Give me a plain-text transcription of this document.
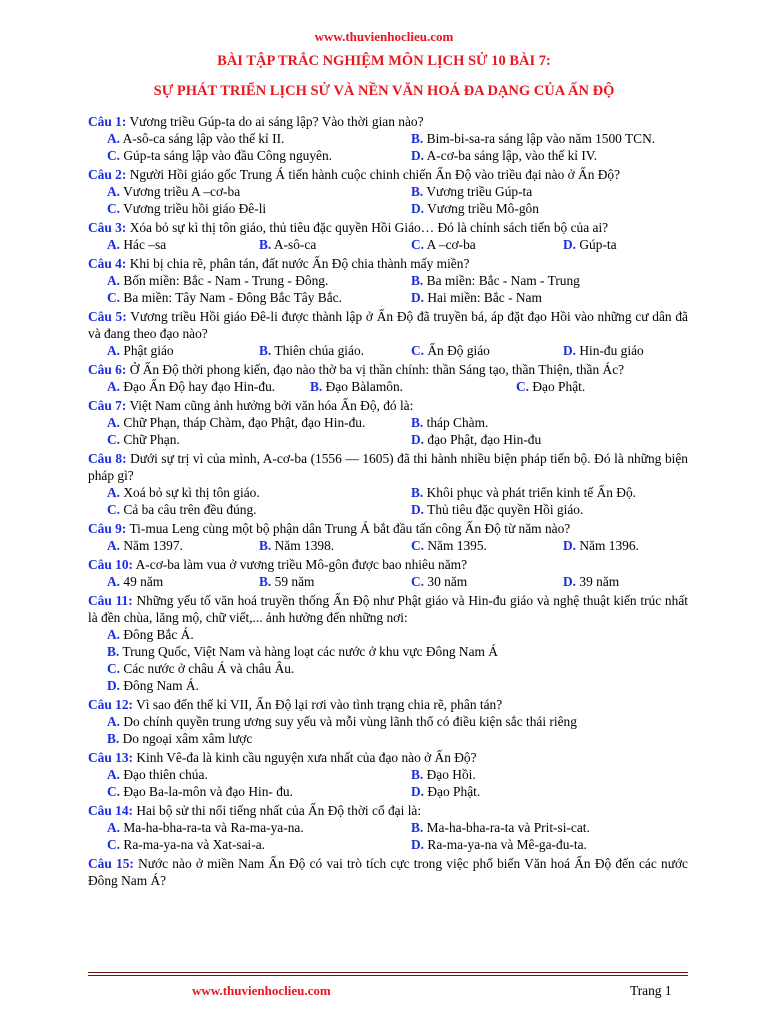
www.thuvienhoclieu.com
BÀI TẬP TRẮC NGHIỆM MÔN LỊCH SỬ 10 BÀI 7:
SỰ PHÁT TRIỂN LỊCH SỬ VÀ NỀN VĂN HOÁ ĐA DẠNG CỦA ẤN ĐỘ
Câu 1: Vương triều Gúp-ta do ai sáng lập? Vào thời gian nào?
A. A-sô-ca sáng lập vào thế kỉ II.	B. Bim-bi-sa-ra sáng lập vào năm 1500 TCN.
C. Gúp-ta sáng lập vào đầu Công nguyên.	D. A-cơ-ba sáng lập, vào thế kỉ IV.
Câu 2: Người Hồi giáo gốc Trung Á tiến hành cuộc chinh chiến Ấn Độ vào triều đại nào ở Ấn Độ?
A. Vương triều A –cơ-ba	B. Vương triều Gúp-ta
C. Vương triều hồi giáo Đê-li	D. Vương triều Mô-gôn
Câu 3: Xóa bỏ sự kì thị tôn giáo, thủ tiêu đặc quyền Hồi Giáo… Đó là chính sách tiến bộ của ai?
A. Hác –sa	B. A-sô-ca	C. A –cơ-ba	D. Gúp-ta
Câu 4: Khi bị chia rẽ, phân tán, đất nước Ấn Độ chia thành mấy miền?
A. Bốn miền: Bắc - Nam - Trung - Đông.	B. Ba miền: Bắc - Nam - Trung
C. Ba miền: Tây Nam - Đông Bắc Tây Bắc.	D. Hai miền: Bắc - Nam
Câu 5: Vương triều Hồi giáo Đê-li được thành lập ở Ấn Độ đã truyền bá, áp đặt đạo Hồi vào những cư dân đã và đang theo đạo nào?
A. Phật giáo	B. Thiên chúa giáo.	C. Ấn Độ giáo	D. Hin-đu giáo
Câu 6: Ở Ấn Độ thời phong kiến, đạo nào thờ ba vị thần chính: thần Sáng tạo, thần Thiện, thần Ác?
A. Đạo Ấn Độ hay đạo Hin-đu.	B. Đạo Bàlamôn.	C. Đạo Phật.
Câu 7: Việt Nam cũng ảnh hưởng bởi văn hóa Ấn Độ, đó là:
A. Chữ Phạn, tháp Chàm, đạo Phật, đạo Hin-đu.	B. tháp Chàm.
C. Chữ Phạn.	D. đạo Phật, đạo Hin-đu
Câu 8: Dưới sự trị vì của mình, A-cơ-ba (1556 — 1605) đã thi hành nhiều biện pháp tiến bộ. Đó là những biện pháp gì?
A. Xoá bỏ sự kì thị tôn giáo.	B. Khôi phục và phát triển kinh tế Ấn Độ.
C. Cả ba câu trên đều đúng.	D. Thủ tiêu đặc quyền Hồi giáo.
Câu 9: Ti-mua Leng cùng một bộ phận dân Trung Á bắt đầu tấn công Ấn Độ từ năm nào?
A. Năm 1397.	B. Năm 1398.	C. Năm 1395.	D. Năm 1396.
Câu 10: A-cơ-ba làm vua ở vương triều Mô-gôn được bao nhiêu năm?
A. 49 năm	B. 59 năm	C. 30 năm	D. 39 năm
Câu 11: Những yếu tố văn hoá truyền thống Ấn Độ như Phật giáo và Hin-đu giáo và nghệ thuật kiến trúc nhất là đền chùa, lăng mộ, chữ viết,... ảnh hưởng đến những nơi:
A. Đông Bắc Á.
B. Trung Quốc, Việt Nam và hàng loạt các nước ở khu vực Đông Nam Á
C. Các nước ở châu Á và châu Âu.
D. Đông Nam Á.
Câu 12: Vì sao đến thế kỉ VII, Ấn Độ lại rơi vào tình trạng chia rẽ, phân tán?
A. Do chính quyền trung ương suy yếu và mỗi vùng lãnh thổ có điều kiện sắc thái riêng
B. Do ngoại xâm xâm lược
Câu 13: Kinh Vê-đa là kinh cầu nguyện xưa nhất của đạo nào ở Ấn Độ?
A. Đạo thiên chúa.	B. Đạo Hồi.
C. Đạo Ba-la-môn và đạo Hin- đu.	D. Đạo Phật.
Câu 14: Hai bộ sử thi nổi tiếng nhất của Ấn Độ thời cổ đại là:
A. Ma-ha-bha-ra-ta và Ra-ma-ya-na.	B. Ma-ha-bha-ra-ta và Prit-si-cat.
C. Ra-ma-ya-na và Xat-sai-a.	D. Ra-ma-ya-na và Mê-ga-đu-ta.
Câu 15: Nước nào ở miền Nam Ấn Độ có vai trò tích cực trong việc phổ biến Văn hoá Ấn Độ đến các nước Đông Nam Á?
www.thuvienhoclieu.com	Trang 1
